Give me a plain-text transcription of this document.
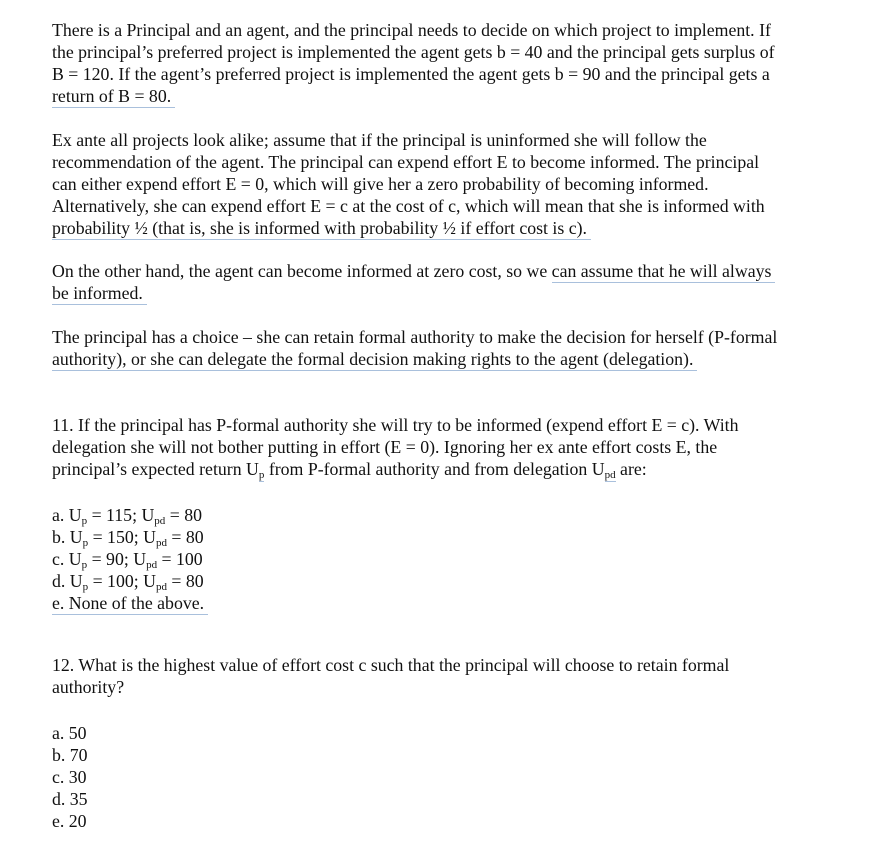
There is a Principal and an agent, and the principal needs to decide on which project to implement. If
the principal’s preferred project is implemented the agent gets b = 40 and the principal gets surplus of
B = 120. If the agent’s preferred project is implemented the agent gets b = 90 and the principal gets a
return of B = 80.
Ex ante all projects look alike; assume that if the principal is uninformed she will follow the
recommendation of the agent. The principal can expend effort E to become informed. The principal
can either expend effort E = 0, which will give her a zero probability of becoming informed.
Alternatively, she can expend effort E = c at the cost of c, which will mean that she is informed with
probability ½ (that is, she is informed with probability ½ if effort cost is c).
On the other hand, the agent can become informed at zero cost, so we can assume that he will always
be informed.
The principal has a choice – she can retain formal authority to make the decision for herself (P-formal
authority), or she can delegate the formal decision making rights to the agent (delegation).
11. If the principal has P-formal authority she will try to be informed (expend effort E = c). With
delegation she will not bother putting in effort (E = 0). Ignoring her ex ante effort costs E, the
principal’s expected return $U_p$ from P-formal authority and from delegation $U_{pd}$ are:
a. $U_p = 115$; $U_{pd} = 80$
b. $U_p = 150$; $U_{pd} = 80$
c. $U_p = 90$; $U_{pd} = 100$
d. $U_p = 100$; $U_{pd} = 80$
e. None of the above.
12. What is the highest value of effort cost c such that the principal will choose to retain formal
authority?
a. 50
b. 70
c. 30
d. 35
e. 20
